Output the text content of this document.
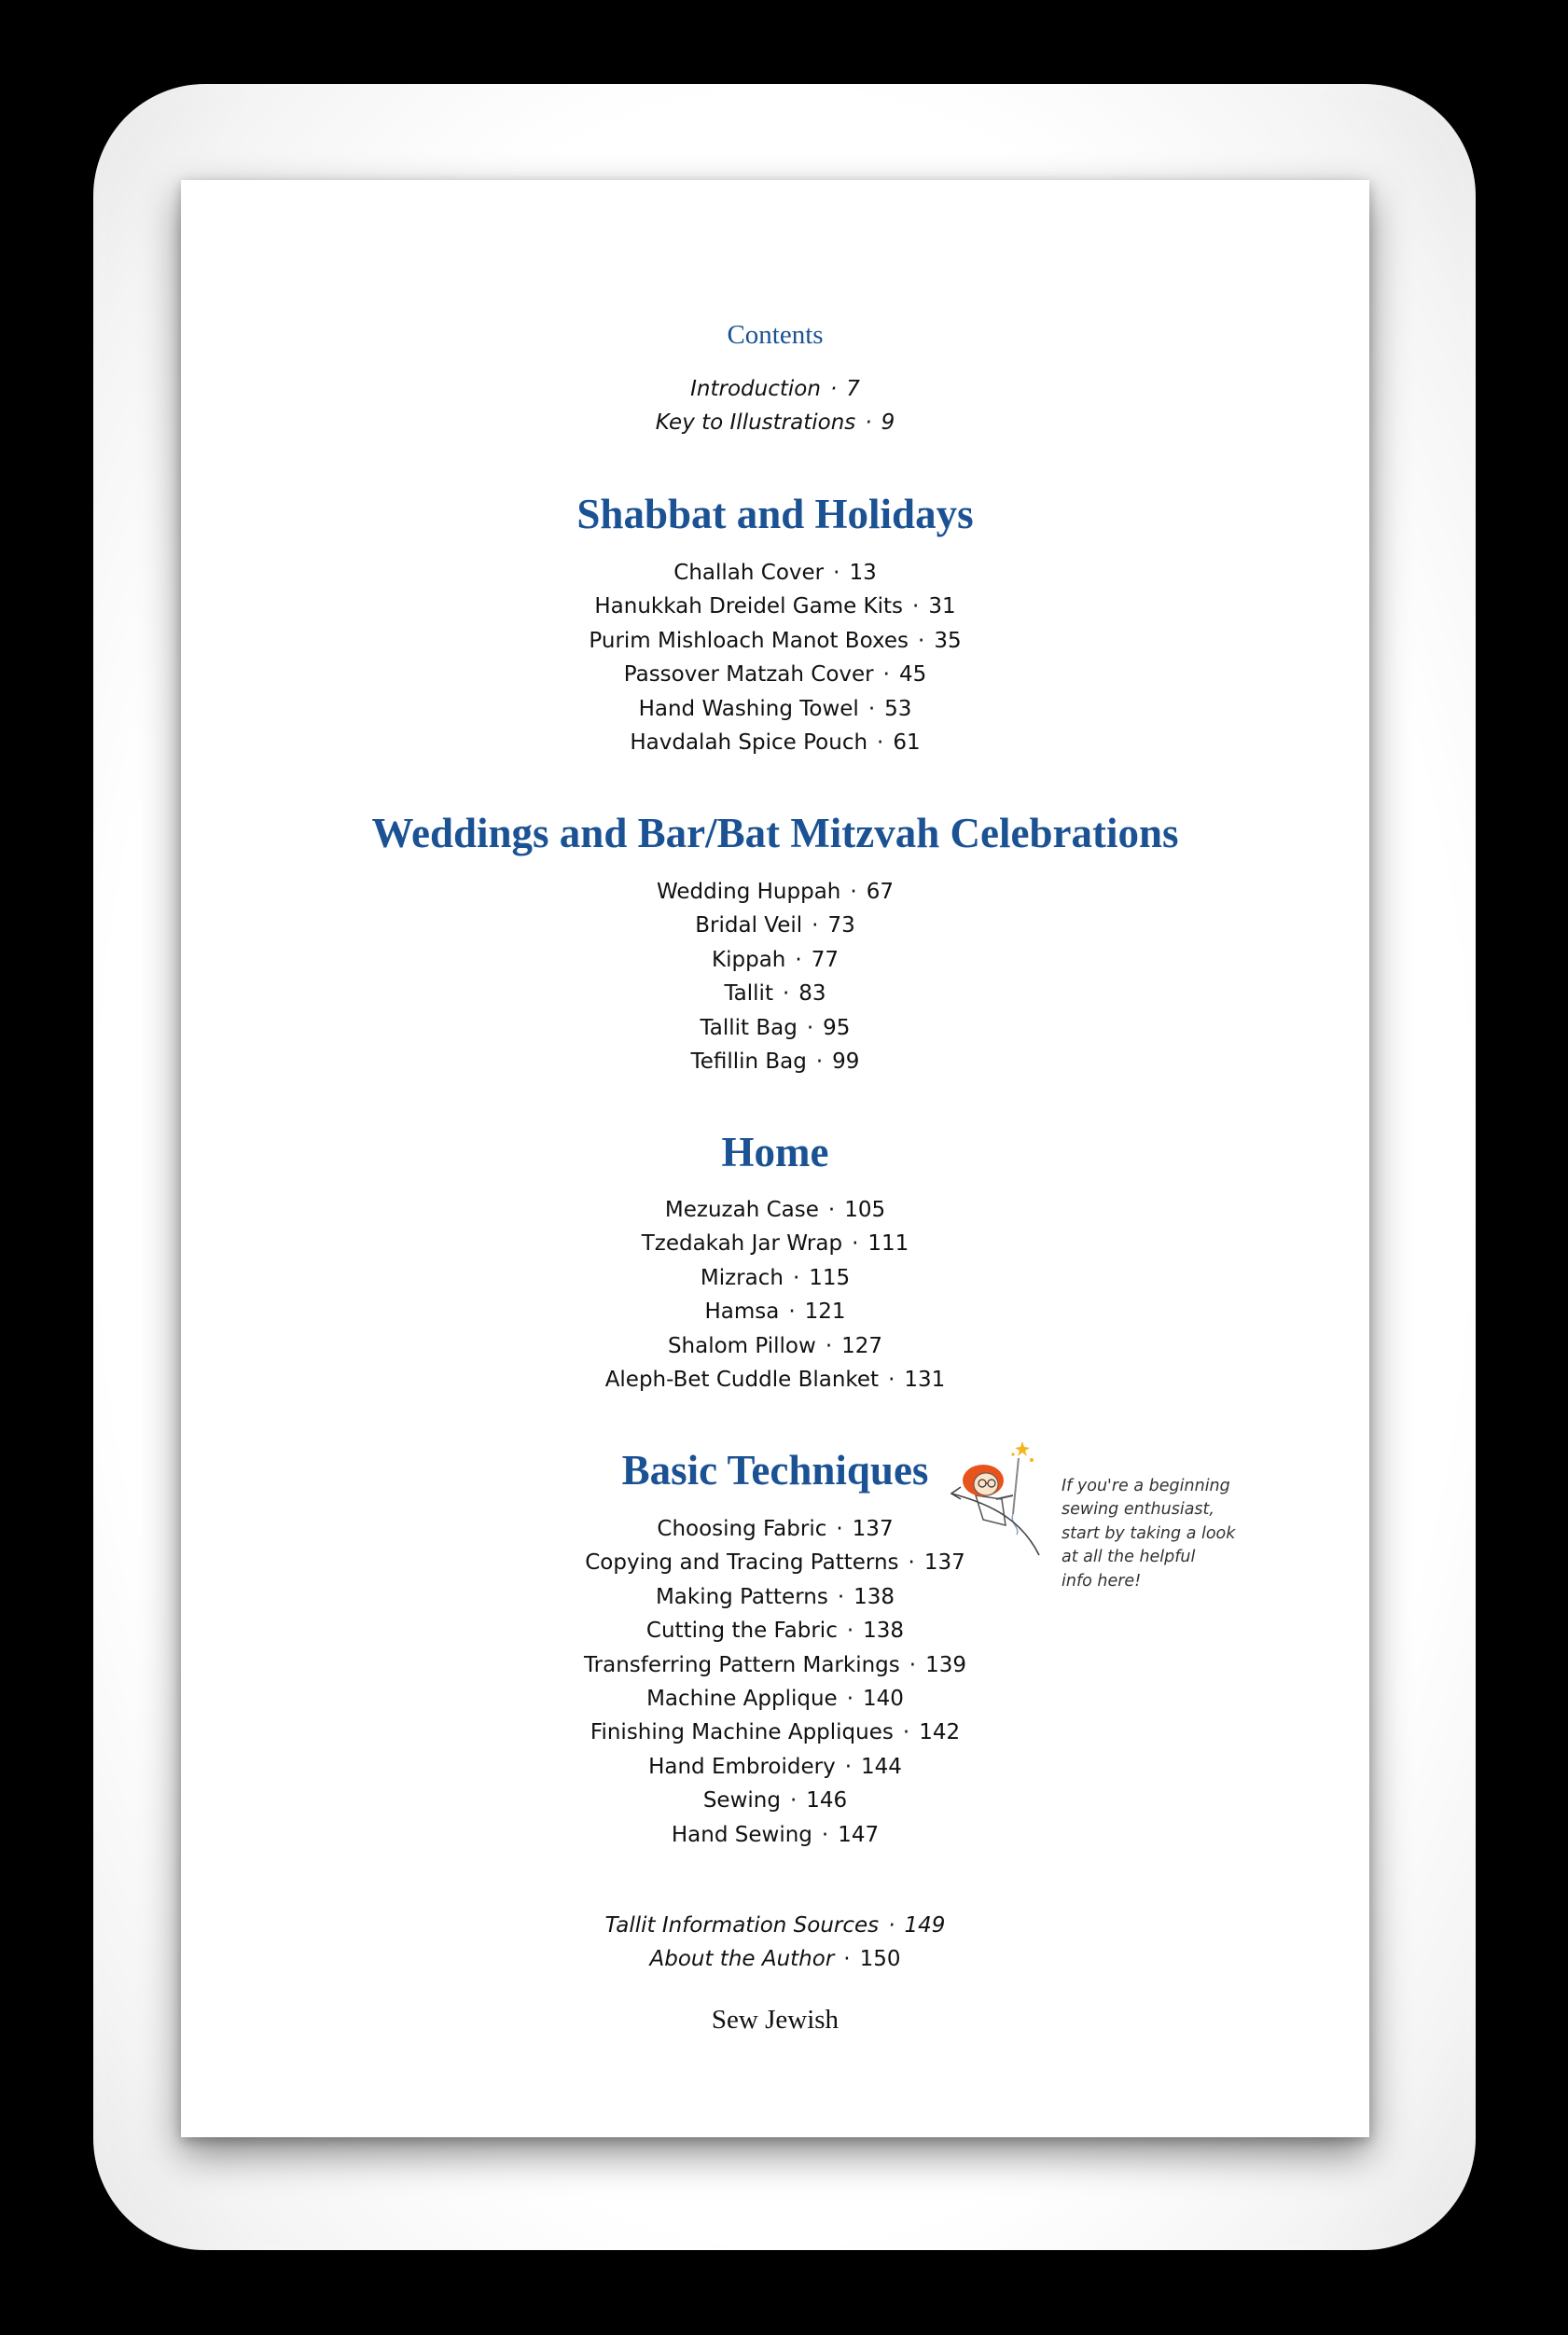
Contents
Introduction · 7
Key to Illustrations · 9
Shabbat and Holidays
Challah Cover · 13
Hanukkah Dreidel Game Kits · 31
Purim Mishloach Manot Boxes · 35
Passover Matzah Cover · 45
Hand Washing Towel · 53
Havdalah Spice Pouch · 61
Weddings and Bar/Bat Mitzvah Celebrations
Wedding Huppah · 67
Bridal Veil · 73
Kippah · 77
Tallit · 83
Tallit Bag · 95
Tefillin Bag · 99
Home
Mezuzah Case · 105
Tzedakah Jar Wrap · 111
Mizrach · 115
Hamsa · 121
Shalom Pillow · 127
Aleph-Bet Cuddle Blanket · 131
Basic Techniques
Choosing Fabric · 137
Copying and Tracing Patterns · 137
Making Patterns · 138
Cutting the Fabric · 138
Transferring Pattern Markings · 139
Machine Applique · 140
Finishing Machine Appliques · 142
Hand Embroidery · 144
Sewing · 146
Hand Sewing · 147
If you're a beginning
sewing enthusiast,
start by taking a look
at all the helpful
info here!
Tallit Information Sources · 149
About the Author · 150
Sew Jewish
